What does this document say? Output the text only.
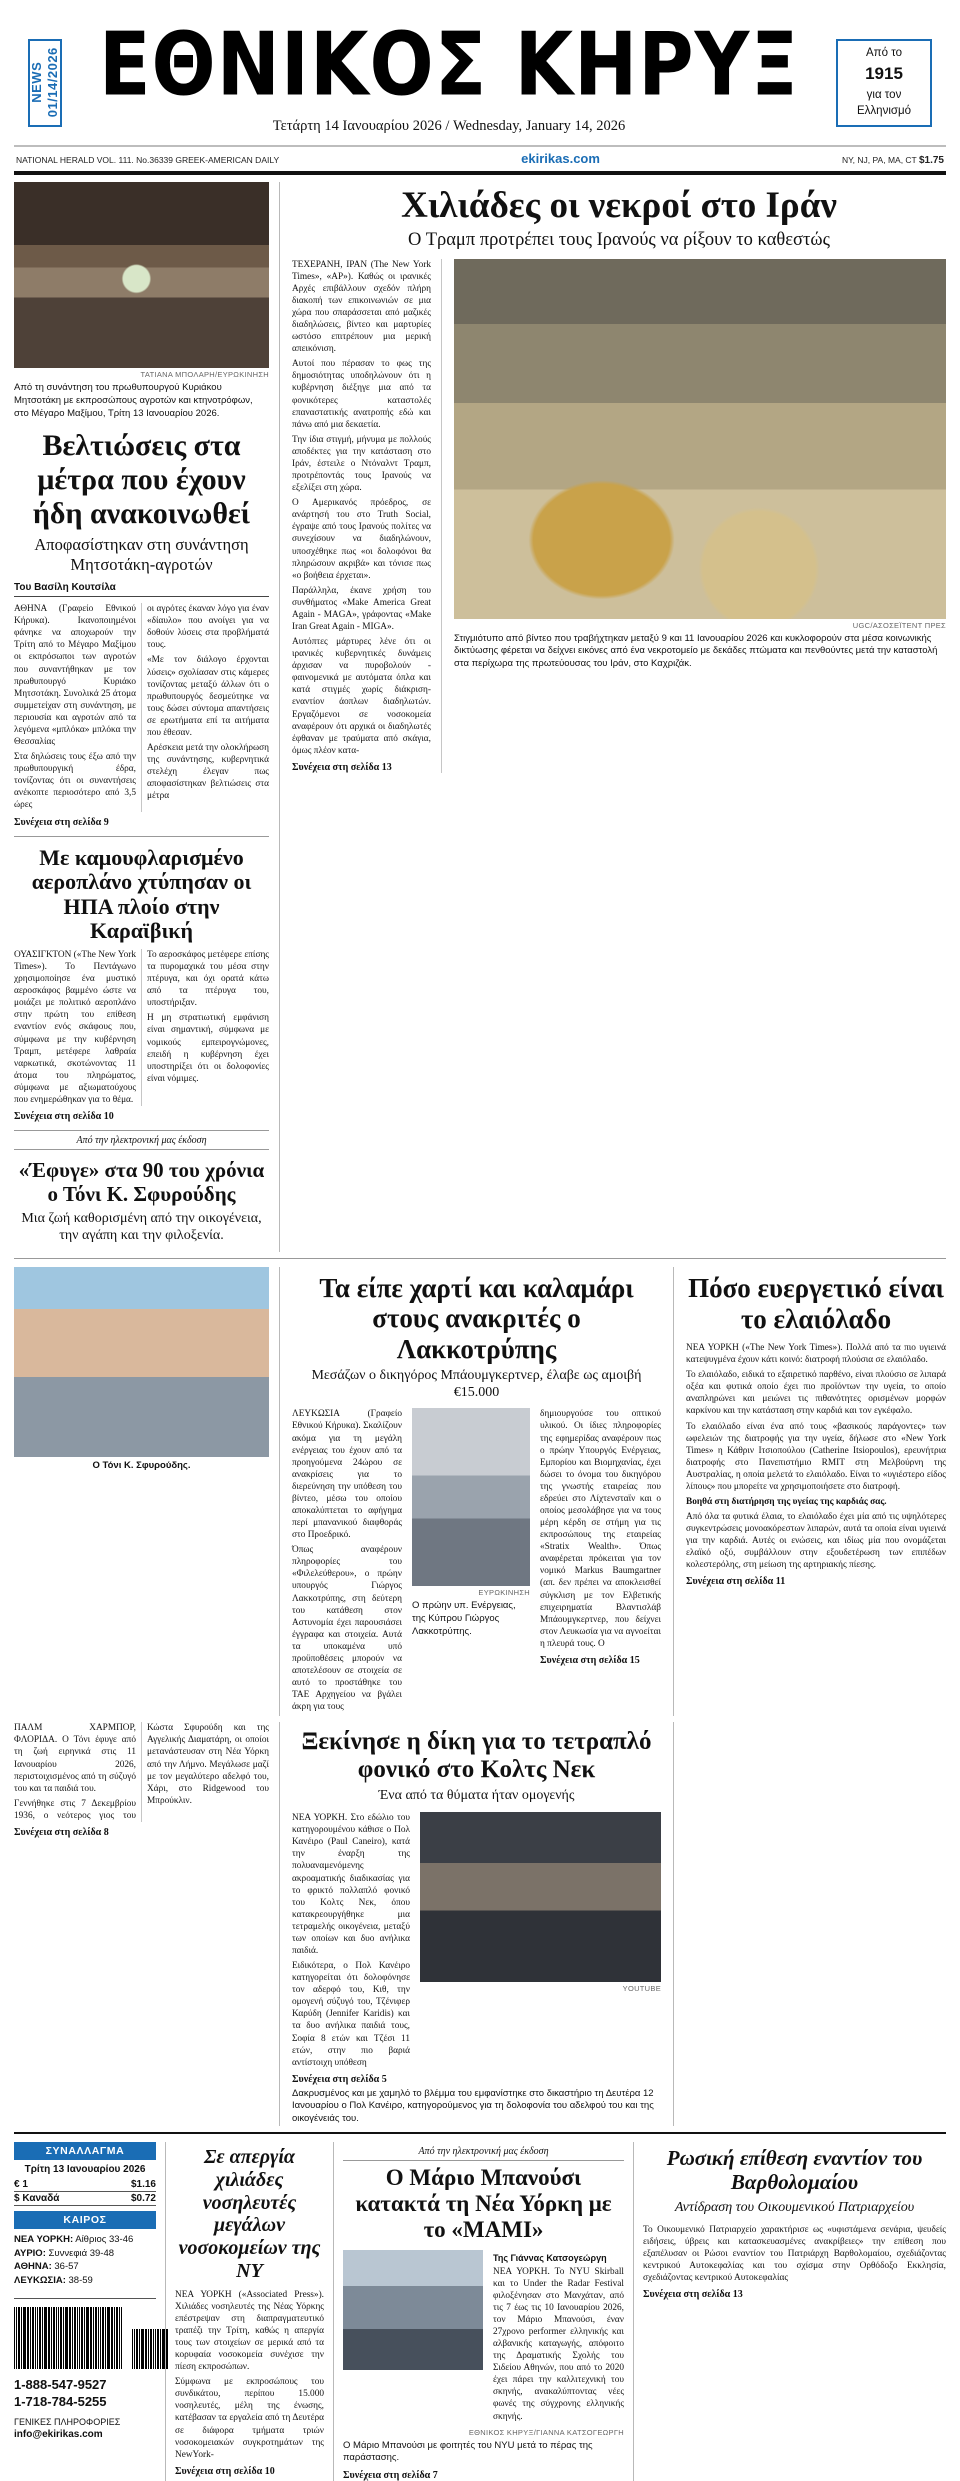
NEWS 01/14/2026 ΕΘΝΙΚΟΣ ΚΗΡΥΞ
Τετάρτη 14 Ιανουαρίου 2026 / Wednesday, January 14, 2026
Από το
1915
για τον
Ελληνισμό
NATIONAL HERALD VOL. 111. No.36339 GREEK-AMERICAN DAILY	ekirikas.com	NY, NJ, PA, MA, CT $1.75
ΤΑΤΙΑΝΑ ΜΠΟΛΑΡΗ/ΕΥΡΩΚΙΝΗΣΗ
Από τη συνάντηση του πρωθυπουργού Κυριάκου Μητσοτάκη με εκπροσώπους αγροτών και κτηνοτρόφων, στο Μέγαρο Μαξίμου, Τρίτη 13 Ιανουαρίου 2026.
Βελτιώσεις στα μέτρα που έχουν ήδη ανακοινωθεί
Αποφασίστηκαν στη συνάντηση Μητσοτάκη-αγροτών
Του Βασίλη Κουτσίλα

ΑΘΗΝΑ (Γραφείο Εθνικού Κήρυκα). Ικανοποιημένοι φάνηκε να αποχωρούν την Τρίτη από το Μέγαρο Μαξίμου οι εκπρόσωποι των αγροτών που συναντήθηκαν με τον πρωθυπουργό Κυριάκο Μητσοτάκη. Συνολικά 25 άτομα συμμετείχαν στη συνάντηση, με περιουσία και αγροτών από τα λεγόμενα «μπλόκα» μπλόκα την Θεσσαλίας

Στα δηλώσεις τους έξω από την πρωθυπουργική έδρα, τονίζοντας ότι οι συναντήσεις ανέκοπτε περιοσότερο από 3,5 ώρες

οι αγρότες έκαναν λόγο για έναν «δίαυλο» που ανοίγει για να δοθούν λύσεις στα προβλήματά τους.

«Με τον διάλογο έρχονται λύσεις» σχολίασαν στις κάμερες τονίζοντας μεταξύ άλλων ότι ο πρωθυπουργός δεσμεύτηκε να τους δώσει σύντομα απαντήσεις σε ερωτήματα επί τα αιτήματα που έθεσαν.

Αρέσκεια μετά την ολοκλήρωση της συνάντησης, κυβερνητικά στελέχη έλεγαν πως αποφασίστηκαν βελτιώσεις στα μέτρα

Συνέχεια στη σελίδα 9
Με καμουφλαρισμένο αεροπλάνο χτύπησαν οι ΗΠΑ πλοίο στην Καραϊβική

ΟΥΑΣΙΓΚΤΟΝ («The New York Times»). Το Πεντάγωνο χρησιμοποίησε ένα μυστικό αεροσκάφος βαμμένο ώστε να μοιάζει με πολιτικό αεροπλάνο στην πρώτη του επίθεση εναντίον ενός σκάφους που, σύμφωνα με την κυβέρνηση Τραμπ, μετέφερε λαθραία ναρκωτικά, σκοτώνοντας 11 άτομα του πληρώματος, σύμφωνα με αξιωματούχους που ενημερώθηκαν για το θέμα.

Το αεροσκάφος μετέφερε επίσης τα πυρομαχικά του μέσα στην πτέρυγα, και όχι ορατά κάτω από τα πτέρυγα του, υποστήριξαν.

Η μη στρατιωτική εμφάνιση είναι σημαντική, σύμφωνα με νομικούς εμπειρογνώμονες, επειδή η κυβέρνηση έχει υποστηρίξει ότι οι δολοφονίες είναι νόμιμες.

Συνέχεια στη σελίδα 10
Από την ηλεκτρονική μας έκδοση
«Έφυγε» στα 90 του χρόνια ο Τόνι Κ. Σφυρούδης
Μια ζωή καθορισμένη από την οικογένεια, την αγάπη και την φιλοξενία.
Χιλιάδες οι νεκροί στο Ιράν
Ο Τραμπ προτρέπει τους Ιρανούς να ρίξουν το καθεστώς

ΤΕΧΕΡΑΝΗ, ΙΡΑΝ (The New York Times», «AP»). Καθώς οι ιρανικές Αρχές επιβάλλουν σχεδόν πλήρη διακοπή των επικοινωνιών σε μια χώρα που σπαράσσεται από μαζικές διαδηλώσεις, βίντεο και μαρτυρίες ωστόσο επιτρέπουν μια μερική απεικόνιση.

Αυτοί που πέρασαν το φως της δημοσιότητας υποδηλώνουν ότι η κυβέρνηση διέξηγε μια από τα φονικότερες καταστολές επαναστατικής ανατροπής εδώ και πάνω από μια δεκαετία.

Την ίδια στιγμή, μήνυμα με πολλούς αποδέκτες για την κατάσταση στο Ιράν, έστειλε ο Ντόναλντ Τραμπ, προτρέποντάς τους Ιρανούς να εξελίξει στη χώρα.

Ο Αμερικανός πρόεδρος, σε ανάρτησή του στο Truth Social, έγραψε από τους Ιρανούς πολίτες να συνεχίσουν να διαδηλώνουν, υποσχέθηκε πως «οι δολοφόνοι θα πληρώσουν ακριβά» και τόνισε πως «ο βοήθεια έρχεται».

Παράλληλα, έκανε χρήση του συνθήματος «Make America Great Again - MAGA», γράφοντας «Make Iran Great Again - MIGA».

Αυτόπτες μάρτυρες λένε ότι οι ιρανικές κυβερνητικές δυνάμεις άρχισαν να πυροβολούν - φαινομενικά με αυτόματα όπλα και κατά στιγμές χωρίς διάκριση- εναντίον άοπλων διαδηλωτών. Εργαζόμενοι σε νοσοκομεία αναφέρουν ότι αρχικά οι διαδηλωτές έφθαναν με τραύματα από σκάγια, όμως πλέον κατα-

Συνέχεια στη σελίδα 13
UGC/ΑΣΟΣΕΪΤΕΝΤ ΠΡΕΣ
Στιγμιότυπο από βίντεο που τραβήχτηκαν μεταξύ 9 και 11 Ιανουαρίου 2026 και κυκλοφορούν στα μέσα κοινωνικής δικτύωσης φέρεται να δείχνει εικόνες από ένα νεκροτομείο με δεκάδες πτώματα και πενθούντες μετά την καταστολή στα περίχωρα της πρωτεύουσας του Ιράν, στο Καχριζάκ.
Ο Τόνι Κ. Σφυρούδης.
Τα είπε χαρτί και καλαμάρι στους ανακριτές ο Λακκοτρύπης
Μεσάζων ο δικηγόρος Μπάουμγκερτνερ, έλαβε ως αμοιβή €15.000

ΛΕΥΚΩΣΙΑ (Γραφείο Εθνικού Κήρυκα). Σκαλίζουν ακόμα για τη μεγάλη ενέργειας του έχουν από τα προηγούμενα 24ώρου σε ανακρίσεις για το διερεύνηση την υπόθεση του βίντεο, μέσω του οποίου αποκαλύπτεται το αφήγημα περί μπανανικού διαφθοράς στο Προεδρικό.

Όπως αναφέρουν πληροφορίες του «Φιλελεύθερου», ο πρώην υπουργός Γιώργος Λακκοτρύπης, στη δεύτερη του κατάθεση στον Αστυνομία έχει παρουσιάσει έγγραφα και στοιχεία. Αυτά τα υποκαμένα υπό προϋποθέσεις μπορούν να αποτελέσουν σε στοιχεία σε αυτό το προστάθηκε του ΤΑΕ Αρχηγείου να βγάλει άκρη για τους

ΕΥΡΩΚΙΝΗΣΗ
Ο πρώην υπ. Ενέργειας, της Κύπρου Γιώργος Λακκοτρύπης.

δημιουργούσε του οπτικού υλικού. Οι ίδιες πληροφορίες της εφημερίδας αναφέρουν πως ο πρώην Υπουργός Ενέργειας, Εμπορίου και Βιομηχανίας, έχει δώσει το όνομα του δικηγόρου της γνωστής εταιρείας που εδρεύει στο Λίχτενσταϊν και ο οποίος μεσολάβησε για να τους μέρη κέρδη σε στήμη για τις εκπροσώπους της εταιρείας «Stratix Wealth». Όπως αναφέρεται πρόκειται για τον νομικό Markus Baumgartner (απ. δεν πρέπει να αποκλεισθεί σύγκλιση με τον Ελβετικής επιχειρηματία Βλαντισλάβ Μπάουμγκερτνερ, που δείχνει στον Λευκωσία για να αγνοείται η πλευρά τους. Ο

Συνέχεια στη σελίδα 15
Πόσο ευεργετικό είναι το ελαιόλαδο

ΝΕΑ ΥΟΡΚΗ («The New York Times»). Πολλά από τα πιο υγιεινά κατεψυγμένα έχουν κάτι κοινό: διατροφή πλούσια σε ελαιόλαδο.

Το ελαιόλαδο, ειδικά το εξαιρετικό παρθένο, είναι πλούσιο σε λιπαρά οξέα και φυτικά οποίο έχει πιο προϊόντων την υγεία, το οποίο αναπληρώνει και μειώνει τις πιθανότητες ορισμένων μορφών καρκίνου και την κατάσταση στην καρδιά και τον εγκέφαλο.

Το ελαιόλαδο είναι ένα από τους «βασικούς παράγοντες» των ωφελειών της διατροφής για την υγεία, δήλωσε στο «New York Times» η Κάθριν Ιτσιοπούλου (Catherine Itsiopoulos), ερευνήτρια διατροφής στο Πανεπιστήμιο RMIT στη Μελβούρνη της Αυστραλίας, η οποία μελετά το ελαιόλαδο. Είναι το «υγιέστερο είδος λίπους» που μπορείτε να χρησιμοποιήσετε στο διατροφή.

Βοηθά στη διατήρηση της υγείας της καρδιάς σας.

Από όλα τα φυτικά έλαια, το ελαιόλαδο έχει μία από τις υψηλότερες συγκεντρώσεις μονοακόρεστων λιπαρών, αυτά τα οποία είναι υγιεινά για την καρδιά. Αυτές οι ενώσεις, και ιδίως μία που ονομάζεται ελαϊκό οξύ, συμβάλλουν στην εξουδετέρωση των επιπέδων κολεστερόλης, στη μείωση της αρτηριακής πίεσης.

Συνέχεια στη σελίδα 11

ΠΑΛΜ ΧΑΡΜΠΟΡ, ΦΛΟΡΙΔΑ. Ο Τόνι έφυγε από τη ζωή ειρηνικά στις 11 Ιανουαρίου 2026, περιστοιχισμένος από τη σύζυγό του και τα παιδιά του.

Γεννήθηκε στις 7 Δεκεμβρίου 1936, ο νεότερος γιος του Κώστα Σφυρούδη και της Αγγελικής Διαματάρη, οι οποίοι μετανάστευσαν στη Νέα Υόρκη από την Λήμνο. Μεγάλωσε μαζί με τον μεγαλύτερο αδελφό του, Χάρι, στο Ridgewood του Μπρούκλιν.

Συνέχεια στη σελίδα 8
Ξεκίνησε η δίκη για το τετραπλό φονικό στο Κολτς Νεκ
Ένα από τα θύματα ήταν ομογενής

ΝΕΑ ΥΟΡΚΗ. Στο εδώλιο του κατηγορουμένου κάθισε ο Πολ Κανέιρο (Paul Caneiro), κατά την έναρξη της πολυαναμενόμενης ακροαματικής διαδικασίας για το φρικτό πολλαπλό φονικό του Κολτς Νεκ, όπου κατακρεουργήθηκε μια τετραμελής οικογένεια, μεταξύ των οποίων και δυο ανήλικα παιδιά.

Ειδικότερα, ο Πολ Κανέιρο κατηγορείται ότι δολοφόνησε τον αδερφό του, Κιθ, την ομογενή σύζυγό του, Τζένιφερ Καρύδη (Jennifer Karidis) και τα δυο ανήλικα παιδιά τους, Σοφία 8 ετών και Τζέσι 11 ετών, στην πιο βαριά αντίστοιχη υπόθεση

Συνέχεια στη σελίδα 5
YOUTUBE
Δακρυσμένος και με χαμηλό το βλέμμα του εμφανίστηκε στο δικαστήριο τη Δευτέρα 12 Ιανουαρίου ο Πολ Κανέιρο, κατηγορούμενος για τη δολοφονία του αδελφού του και της οικογένειάς του.
ΣΥΝΑΛΛΑΓΜΑ
Τρίτη 13 Ιανουαρίου 2026
€ 1	$1.16
$ Καναδά	$0.72
ΚΑΙΡΟΣ
ΝΕΑ ΥΟΡΚΗ: Αίθριος 33-46
ΑΥΡΙΟ: Συννεφιά 39-48
ΑΘΗΝΑ: 36-57
ΛΕΥΚΩΣΙΑ: 38-59
1-888-547-9527
1-718-784-5255
ΓΕΝΙΚΕΣ ΠΛΗΡΟΦΟΡΙΕΣ
info@ekirikas.com
Σε απεργία χιλιάδες νοσηλευτές μεγάλων νοσοκομείων της ΝΥ

ΝΕΑ ΥΟΡΚΗ («Associated Press»). Χιλιάδες νοσηλευτές της Νέας Υόρκης επέστρεψαν στη διαπραγματευτικό τραπέζι την Τρίτη, καθώς η απεργία τους των στοιχείων σε μερικά από τα κορυφαία νοσοκομεία συνέχισε την πίεση εκπροσώπων.

Σύμφωνα με εκπροσώπους του συνδικάτου, περίπου 15.000 νοσηλευτές, μέλη της ένωσης, κατέβασαν τα εργαλεία από τη Δευτέρα σε διάφορα τμήματα τριών νοσοκομειακών συγκροτημάτων της NewYork-

Συνέχεια στη σελίδα 10
Από την ηλεκτρονική μας έκδοση
Ο Μάριο Μπανούσι κατακτά τη Νέα Υόρκη με το «ΜΑΜΙ»
Της Γιάννας Κατσογεώργη

ΝΕΑ ΥΟΡΚΗ. Το NYU Skirball και το Under the Radar Festival φιλοξένησαν στο Μανχάταν, από τις 7 έως τις 10 Ιανουαρίου 2026, τον Μάριο Μπανούσι, έναν 27χρονο performer ελληνικής και αλβανικής καταγωγής, απόφοιτο της Δραματικής Σχολής του Σιδείου Αθηνών, που από το 2020 έχει πάρει την καλλιτεχνική του σκηνής, ανακαλύπτοντας νέες φωνές της σύγχρονης ελληνικής σκηνής.

ΕΘΝΙΚΟΣ ΚΗΡΥΞ/ΓΙΑΝΝΑ ΚΑΤΣΟΓΕΩΡΓΗ
Ο Μάριο Μπανούσι με φοιτητές του NYU μετά το πέρας της παράστασης.
Συνέχεια στη σελίδα 7
Ρωσική επίθεση εναντίον του Βαρθολομαίου
Αντίδραση του Οικουμενικού Πατριαρχείου

Το Οικουμενικό Πατριαρχείο χαρακτήρισε ως «υφιστάμενα σενάρια, ψευδείς ειδήσεις, ύβρεις και κατασκευασμένες ανακρίβειες» την επίθεση που εξαπέλυσαν οι Ρώσοι εναντίον του Πατριάρχη Βαρθολομαίου, σχεδιάζοντας κεντρικού Αυτοκεφαλίας και του σχίσμα στην Ορθόδοξο Εκκλησία, σχεδιάζοντας κεντρικού Αυτοκεφαλίας

Συνέχεια στη σελίδα 13
